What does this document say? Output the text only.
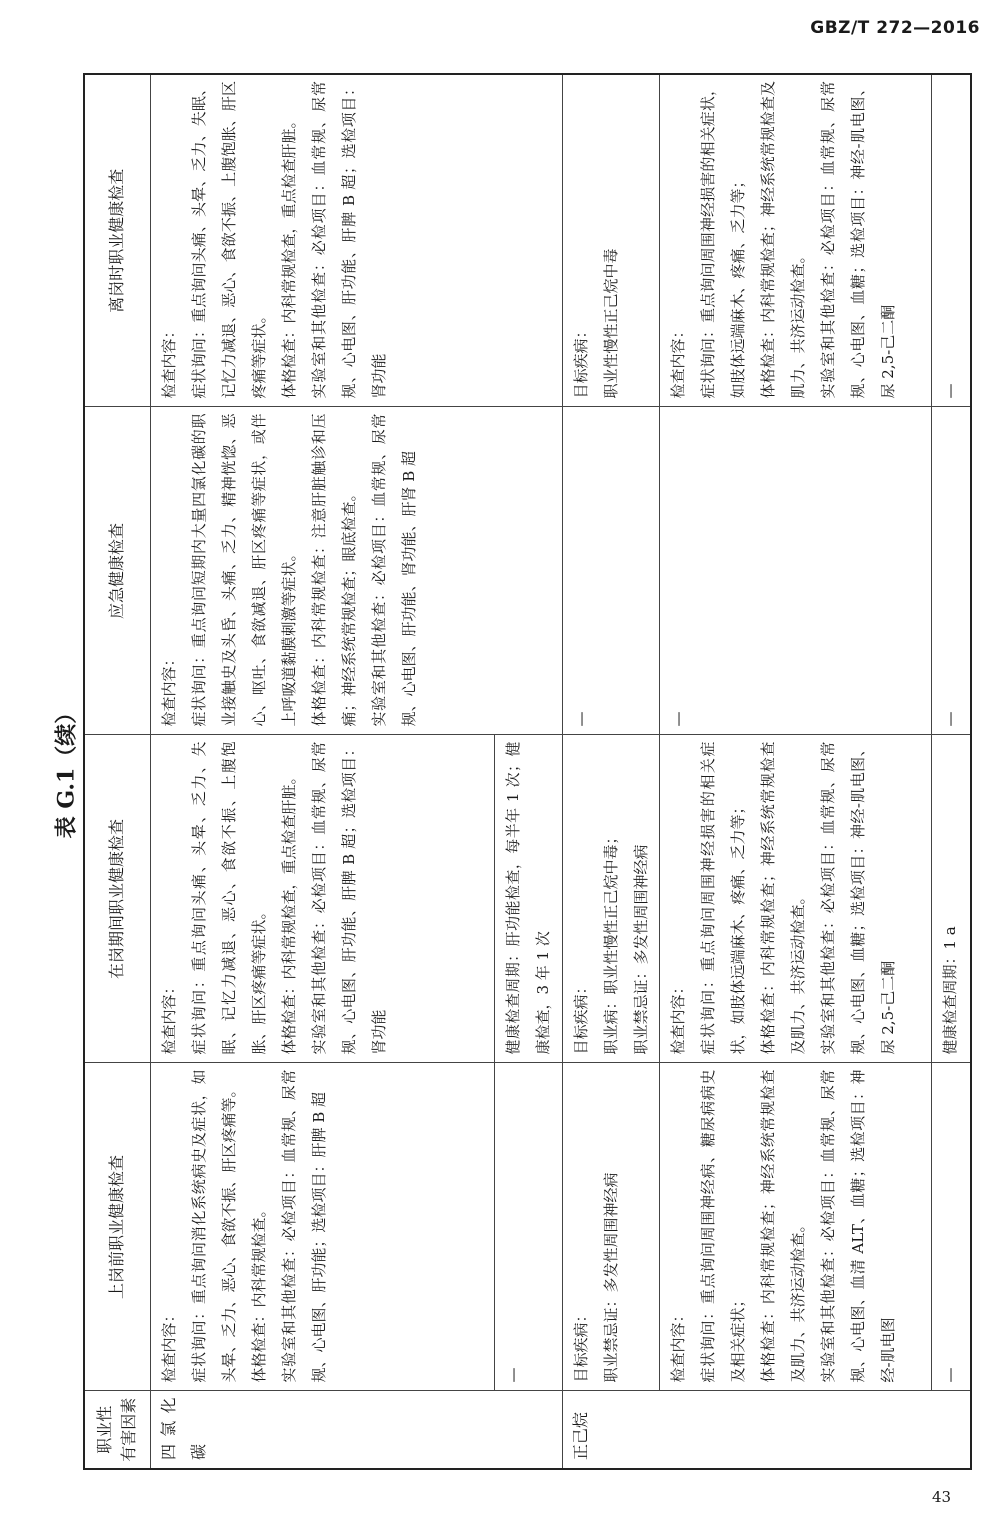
GBZ/T 272—2016
表 G.1（续）
职业性
有害因素	上岗前职业健康检查	在岗期间职业健康检查	应急健康检查	离岗时职业健康检查
四氯化碳	检查内容： 症状询问：重点询问消化系统病史及症状，如头晕、乏力、恶心、食欲不振、肝区疼痛等。 体格检查：内科常规检查。 实验室和其他检查：必检项目：血常规、尿常规、心电图、肝功能；选检项目：肝脾 B 超	检查内容： 症状询问：重点询问头痛、头晕、乏力、失眠、记忆力减退、恶心、食欲不振、上腹饱胀、肝区疼痛等症状。 体格检查：内科常规检查，重点检查肝脏。 实验室和其他检查：必检项目：血常规、尿常规、心电图、肝功能、肝脾 B 超；选检项目：肾功能	检查内容： 症状询问：重点询问短期内大量四氯化碳的职业接触史及头昏、头痛、乏力、精神恍惚、恶心、呕吐、食欲减退、肝区疼痛等症状，或伴上呼吸道黏膜刺激等症状。 体格检查：内科常规检查：注意肝脏触诊和压痛；神经系统常规检查；眼底检查。 实验室和其他检查：必检项目：血常规、尿常规、心电图、肝功能、肾功能、肝肾 B 超	检查内容： 症状询问：重点询问头痛、头晕、乏力、失眠、记忆力减退、恶心、食欲不振、上腹饱胀、肝区疼痛等症状。 体格检查：内科常规检查，重点检查肝脏。 实验室和其他检查：必检项目：血常规、尿常规、心电图、肝功能、肝脾 B 超；选检项目：肾功能

	—	健康检查周期：肝功能检查，每半年 1 次；健康检查，3 年 1 次		
正己烷	目标疾病： 职业禁忌证：多发性周围神经病	目标疾病： 职业病：职业性慢性正己烷中毒； 职业禁忌证：多发性周围神经病	—	目标疾病： 职业性慢性正己烷中毒

	检查内容： 症状询问：重点询问周围神经病、糖尿病病史及相关症状； 体格检查：内科常规检查；神经系统常规检查及肌力、共济运动检查。 实验室和其他检查：必检项目：血常规、尿常规、心电图、血清 ALT、血糖；选检项目：神经-肌电图	检查内容： 症状询问：重点询问周围神经损害的相关症状，如肢体远端麻木、疼痛、乏力等； 体格检查：内科常规检查；神经系统常规检查及肌力、共济运动检查。 实验室和其他检查：必检项目：血常规、尿常规、心电图、血糖；选检项目：神经-肌电图、尿 2,5-己二酮	—	检查内容： 症状询问：重点询问周围神经损害的相关症状，如肢体远端麻木、疼痛、乏力等； 体格检查：内科常规检查；神经系统常规检查及肌力、共济运动检查。 实验室和其他检查：必检项目：血常规、尿常规、心电图、血糖；选检项目：神经-肌电图、尿 2,5-己二酮

	—	健康检查周期：1 a	—	—
43
